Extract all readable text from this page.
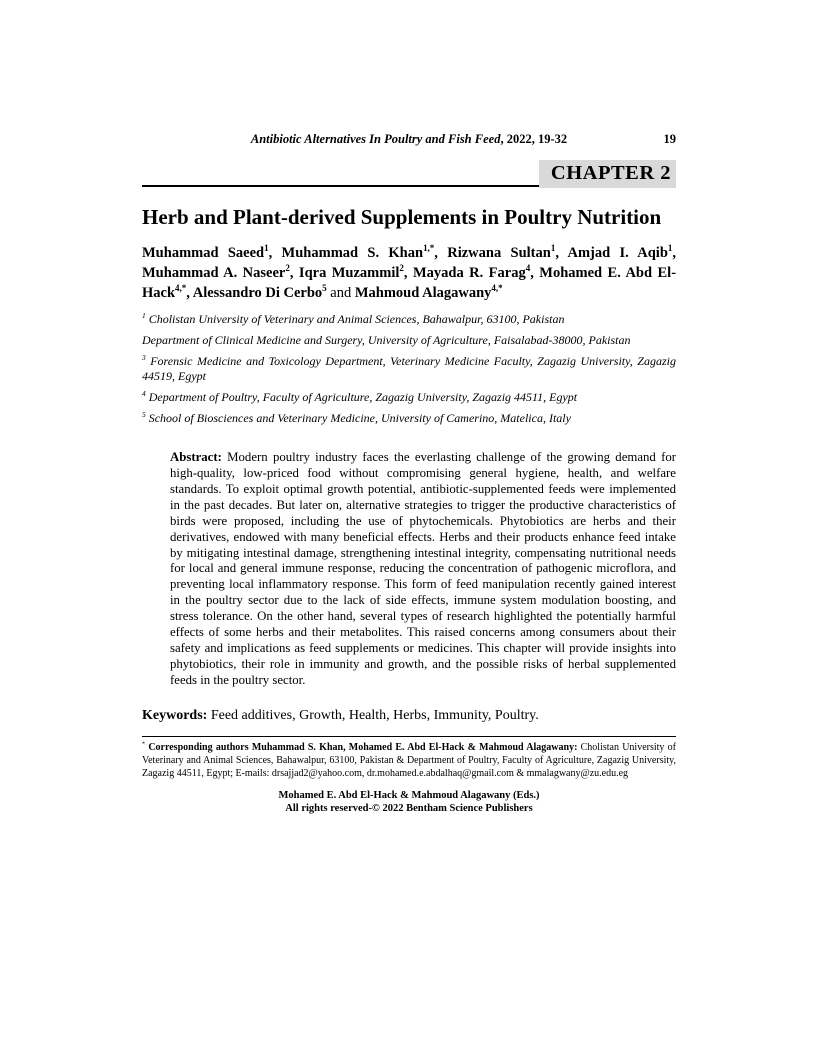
Antibiotic Alternatives In Poultry and Fish Feed, 2022, 19-32	19
CHAPTER 2
Herb and Plant-derived Supplements in Poultry Nutrition
Muhammad Saeed$^1$, Muhammad S. Khan$^{1,*}$, Rizwana Sultan$^1$, Amjad I. Aqib$^1$, Muhammad A. Naseer$^2$, Iqra Muzammil$^2$, Mayada R. Farag$^4$, Mohamed E. Abd El-Hack$^{4,*}$, Alessandro Di Cerbo$^5$ and Mahmoud Alagawany$^{4,*}$
$^1$ Cholistan University of Veterinary and Animal Sciences, Bahawalpur, 63100, Pakistan
Department of Clinical Medicine and Surgery, University of Agriculture, Faisalabad-38000, Pakistan
$^3$ Forensic Medicine and Toxicology Department, Veterinary Medicine Faculty, Zagazig University, Zagazig 44519, Egypt
$^4$ Department of Poultry, Faculty of Agriculture, Zagazig University, Zagazig 44511, Egypt
$^5$ School of Biosciences and Veterinary Medicine, University of Camerino, Matelica, Italy
Abstract: Modern poultry industry faces the everlasting challenge of the growing demand for high-quality, low-priced food without compromising general hygiene, health, and welfare standards. To exploit optimal growth potential, antibiotic-supplemented feeds were implemented in the past decades. But later on, alternative strategies to trigger the productive characteristics of birds were proposed, including the use of phytochemicals. Phytobiotics are herbs and their derivatives, endowed with many beneficial effects. Herbs and their products enhance feed intake by mitigating intestinal damage, strengthening intestinal integrity, compensating nutritional needs for local and general immune response, reducing the concentration of pathogenic microflora, and preventing local inflammatory response. This form of feed manipulation recently gained interest in the poultry sector due to the lack of side effects, immune system modulation boosting, and stress tolerance. On the other hand, several types of research highlighted the potentially harmful effects of some herbs and their metabolites. This raised concerns among consumers about their safety and implications as feed supplements or medicines. This chapter will provide insights into phytobiotics, their role in immunity and growth, and the possible risks of herbal supplemented feeds in the poultry sector.
Keywords: Feed additives, Growth, Health, Herbs, Immunity, Poultry.
* Corresponding authors Muhammad S. Khan, Mohamed E. Abd El-Hack & Mahmoud Alagawany: Cholistan University of Veterinary and Animal Sciences, Bahawalpur, 63100, Pakistan & Department of Poultry, Faculty of Agriculture, Zagazig University, Zagazig 44511, Egypt; E-mails: drsajjad2@yahoo.com, dr.mohamed.e.abdalhaq@gmail.com & mmalagwany@zu.edu.eg
Mohamed E. Abd El-Hack & Mahmoud Alagawany (Eds.)
All rights reserved-© 2022 Bentham Science Publishers
